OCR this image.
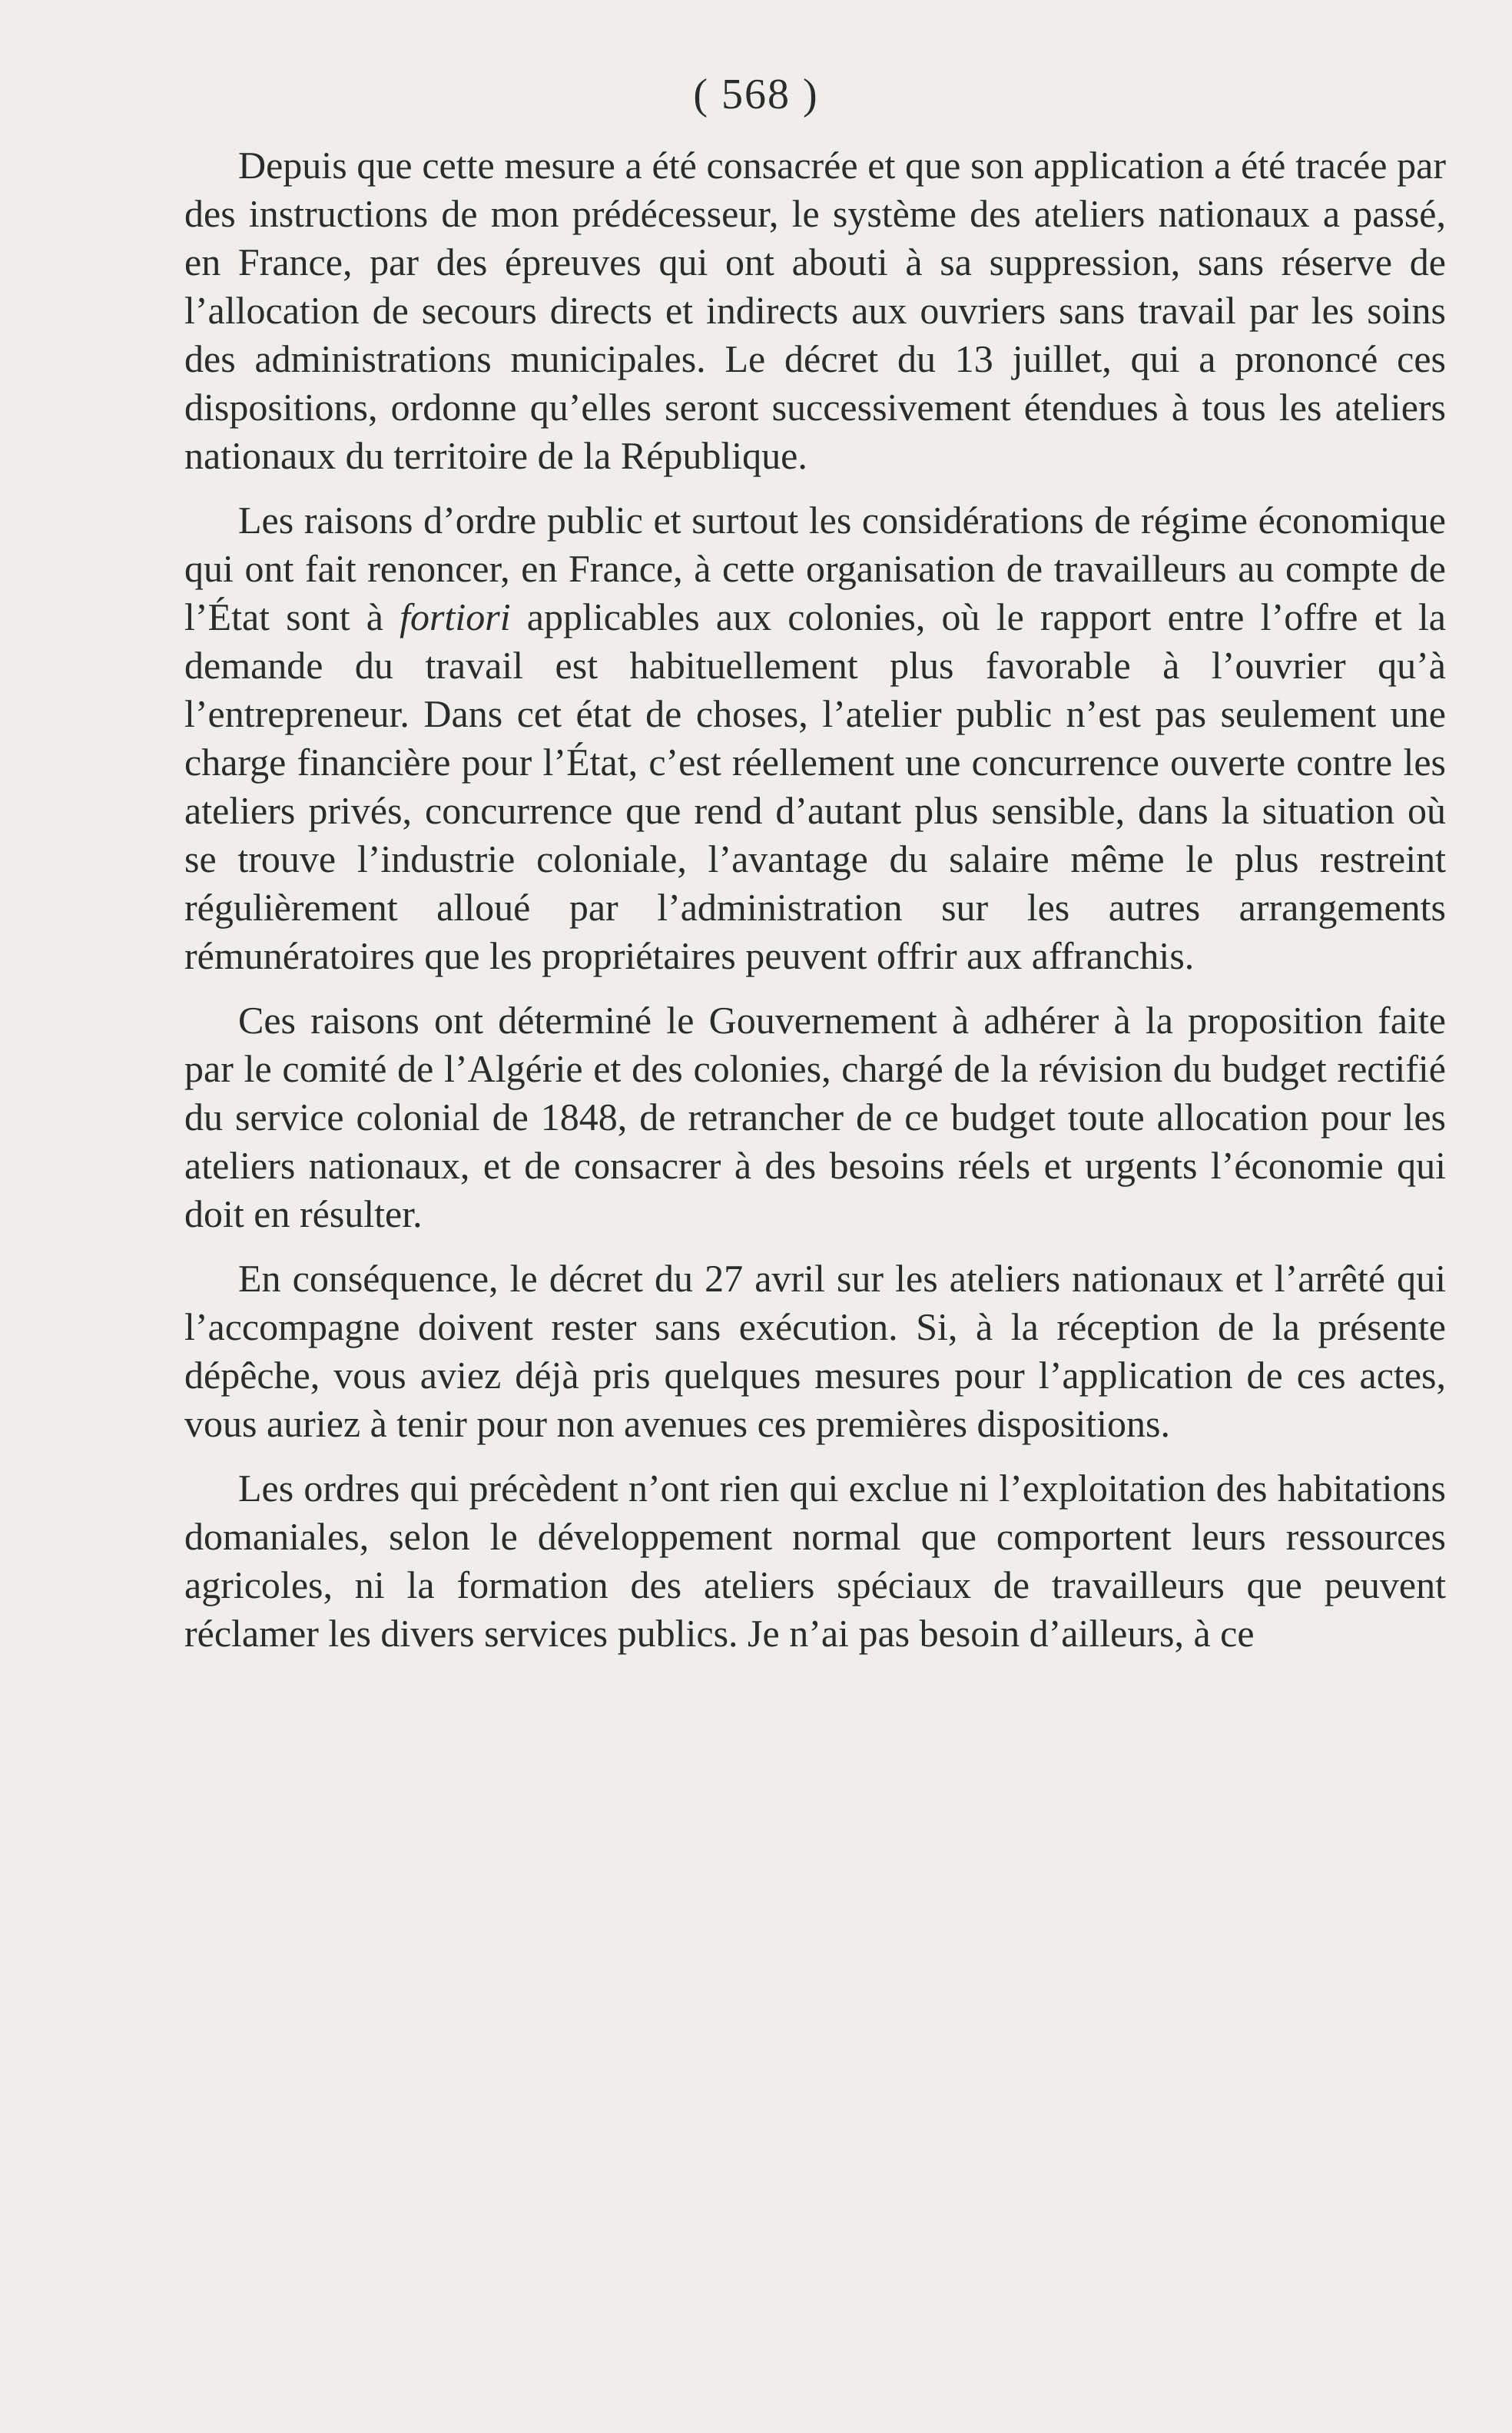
( 568 )

Depuis que cette mesure a été consacrée et que son application a été tracée par des instructions de mon prédécesseur, le système des ateliers nationaux a passé, en France, par des épreuves qui ont abouti à sa suppression, sans réserve de l’allocation de secours directs et indirects aux ouvriers sans travail par les soins des administrations municipales. Le décret du 13 juillet, qui a prononcé ces dispositions, ordonne qu’elles seront successivement étendues à tous les ateliers nationaux du territoire de la République.

Les raisons d’ordre public et surtout les considérations de régime économique qui ont fait renoncer, en France, à cette organisation de travailleurs au compte de l’État sont à fortiori applicables aux colonies, où le rapport entre l’offre et la demande du travail est habituellement plus favorable à l’ouvrier qu’à l’entrepreneur. Dans cet état de choses, l’atelier public n’est pas seulement une charge financière pour l’État, c’est réellement une concurrence ouverte contre les ateliers privés, concurrence que rend d’autant plus sensible, dans la situation où se trouve l’industrie coloniale, l’avantage du salaire même le plus restreint régulièrement alloué par l’administration sur les autres arrangements rémunératoires que les propriétaires peuvent offrir aux affranchis.

Ces raisons ont déterminé le Gouvernement à adhérer à la proposition faite par le comité de l’Algérie et des colonies, chargé de la révision du budget rectifié du service colonial de 1848, de retrancher de ce budget toute allocation pour les ateliers nationaux, et de consacrer à des besoins réels et urgents l’économie qui doit en résulter.

En conséquence, le décret du 27 avril sur les ateliers nationaux et l’arrêté qui l’accompagne doivent rester sans exécution. Si, à la réception de la présente dépêche, vous aviez déjà pris quelques mesures pour l’application de ces actes, vous auriez à tenir pour non avenues ces premières dispositions.

Les ordres qui précèdent n’ont rien qui exclue ni l’exploitation des habitations domaniales, selon le développement normal que comportent leurs ressources agricoles, ni la formation des ateliers spéciaux de travailleurs que peuvent réclamer les divers services publics. Je n’ai pas besoin d’ailleurs, à ce
